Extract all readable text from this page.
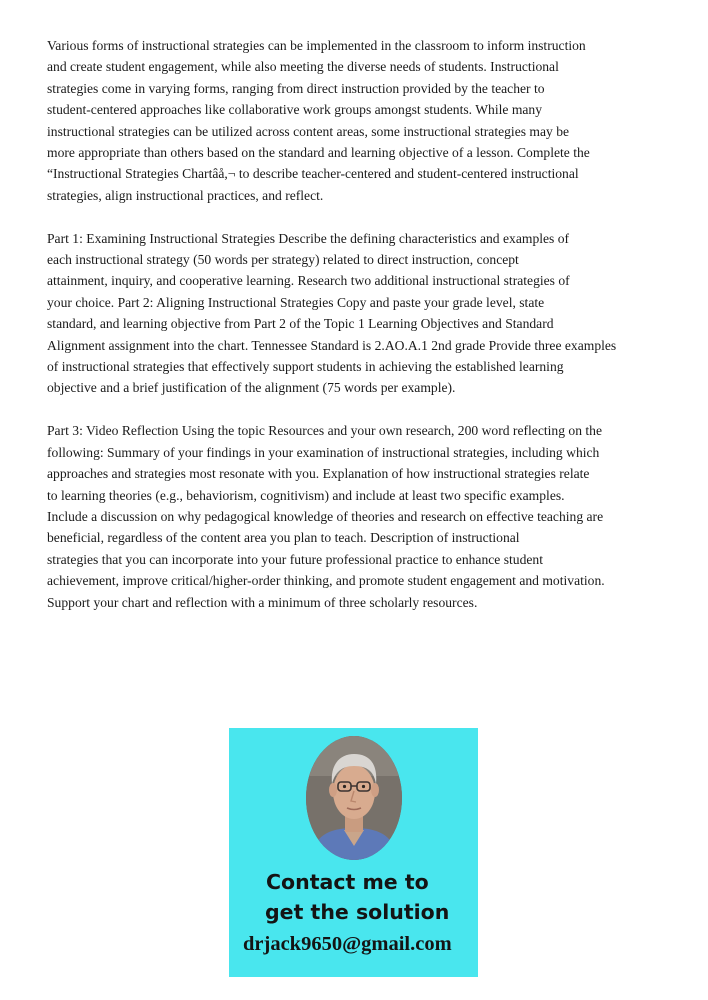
Various forms of instructional strategies can be implemented in the classroom to inform instruction
and create student engagement, while also meeting the diverse needs of students. Instructional
strategies come in varying forms, ranging from direct instruction provided by the teacher to
student-centered approaches like collaborative work groups amongst students. While many
instructional strategies can be utilized across content areas, some instructional strategies may be
more appropriate than others based on the standard and learning objective of a lesson. Complete the
“Instructional Strategies Chartâå,¬ to describe teacher-centered and student-centered instructional
strategies, align instructional practices, and reflect.

Part 1: Examining Instructional Strategies Describe the defining characteristics and examples of
each instructional strategy (50 words per strategy) related to direct instruction, concept
attainment, inquiry, and cooperative learning. Research two additional instructional strategies of
your choice. Part 2: Aligning Instructional Strategies Copy and paste your grade level, state
standard, and learning objective from Part 2 of the Topic 1 Learning Objectives and Standard
Alignment assignment into the chart. Tennessee Standard is 2.AO.A.1 2nd grade Provide three examples
of instructional strategies that effectively support students in achieving the established learning
objective and a brief justification of the alignment (75 words per example).

Part 3: Video Reflection Using the topic Resources and your own research, 200 word reflecting on the
following: Summary of your findings in your examination of instructional strategies, including which
approaches and strategies most resonate with you. Explanation of how instructional strategies relate
to learning theories (e.g., behaviorism, cognitivism) and include at least two specific examples.
Include a discussion on why pedagogical knowledge of theories and research on effective teaching are
beneficial, regardless of the content area you plan to teach. Description of instructional
strategies that you can incorporate into your future professional practice to enhance student
achievement, improve critical/higher-order thinking, and promote student engagement and motivation.
Support your chart and reflection with a minimum of three scholarly resources.

Contact me to
get the solution
drjack9650@gmail.com
